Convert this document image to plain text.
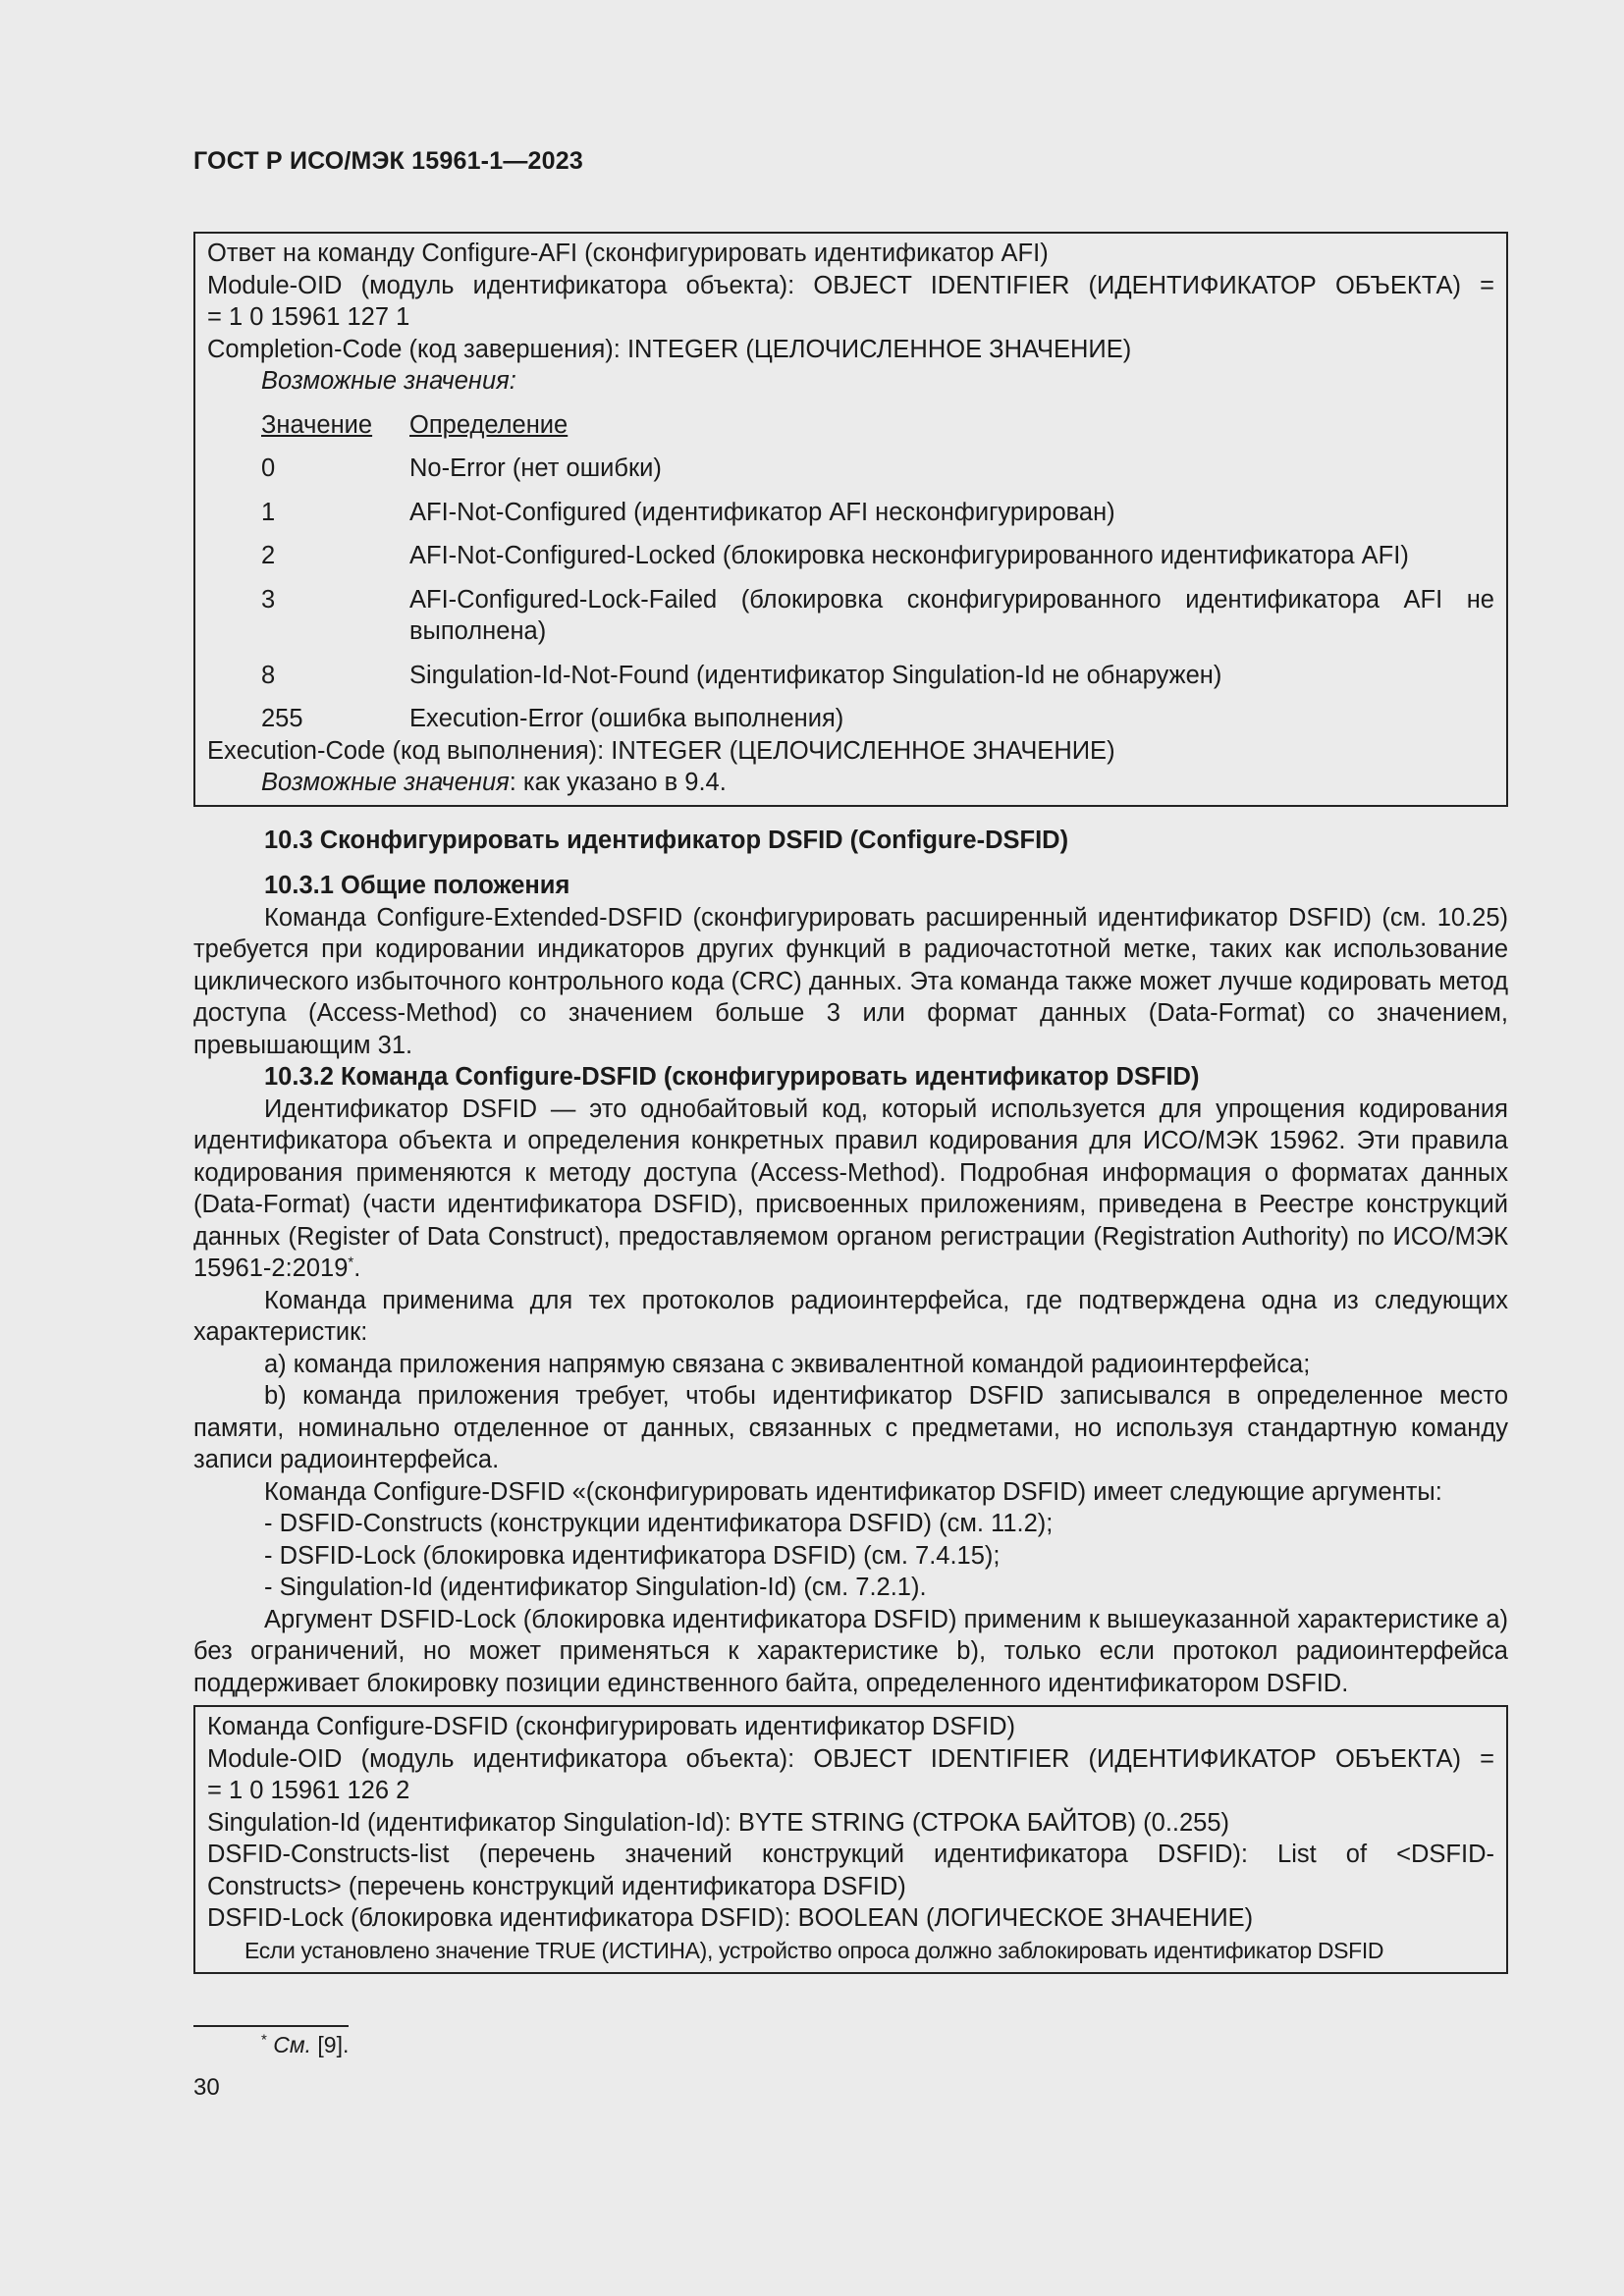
ГОСТ Р ИСО/МЭК 15961-1—2023

Ответ на команду Configure-AFI (сконфигурировать идентификатор AFI)

Module-OID (модуль идентификатора объекта): OBJECT IDENTIFIER (ИДЕНТИФИКАТОР ОБЪЕКТА) =

= 1 0 15961 127 1

Completion-Code (код завершения): INTEGER (ЦЕЛОЧИСЛЕННОЕ ЗНАЧЕНИЕ)

Возможные значения:

Значение	Определение
0	No-Error (нет ошибки)
1	AFI-Not-Configured (идентификатор AFI несконфигурирован)
2	AFI-Not-Configured-Locked (блокировка несконфигурированного идентификатора AFI)
3	AFI-Configured-Lock-Failed (блокировка сконфигурированного идентификатора AFI не выполнена)
8	Singulation-Id-Not-Found (идентификатор Singulation-Id не обнаружен)
255	Execution-Error (ошибка выполнения)

Execution-Code (код выполнения): INTEGER (ЦЕЛОЧИСЛЕННОЕ ЗНАЧЕНИЕ)

Возможные значения: как указано в 9.4.

10.3 Сконфигурировать идентификатор DSFID (Configure-DSFID)

10.3.1 Общие положения

Команда Configure-Extended-DSFID (сконфигурировать расширенный идентификатор DSFID) (см. 10.25) требуется при кодировании индикаторов других функций в радиочастотной метке, таких как использование циклического избыточного контрольного кода (CRC) данных. Эта команда также может лучше кодировать метод доступа (Access-Method) со значением больше 3 или формат данных (Data-Format) со значением, превышающим 31.

10.3.2 Команда Configure-DSFID (сконфигурировать идентификатор DSFID)

Идентификатор DSFID — это однобайтовый код, который используется для упрощения кодирования идентификатора объекта и определения конкретных правил кодирования для ИСО/МЭК 15962. Эти правила кодирования применяются к методу доступа (Access-Method). Подробная информация о форматах данных (Data-Format) (части идентификатора DSFID), присвоенных приложениям, приведена в Реестре конструкций данных (Register of Data Construct), предоставляемом органом регистрации (Registration Authority) по ИСО/МЭК 15961-2:2019*.

Команда применима для тех протоколов радиоинтерфейса, где подтверждена одна из следующих характеристик:

a) команда приложения напрямую связана с эквивалентной командой радиоинтерфейса;

b) команда приложения требует, чтобы идентификатор DSFID записывался в определенное место памяти, номинально отделенное от данных, связанных с предметами, но используя стандартную команду записи радиоинтерфейса.

Команда Configure-DSFID «(сконфигурировать идентификатор DSFID) имеет следующие аргументы:

- DSFID-Constructs (конструкции идентификатора DSFID) (см. 11.2);

- DSFID-Lock (блокировка идентификатора DSFID) (см. 7.4.15);

- Singulation-Id (идентификатор Singulation-Id) (см. 7.2.1).

Аргумент DSFID-Lock (блокировка идентификатора DSFID) применим к вышеуказанной характеристике a) без ограничений, но может применяться к характеристике b), только если протокол радиоинтерфейса поддерживает блокировку позиции единственного байта, определенного идентификатором DSFID.

Команда Configure-DSFID (сконфигурировать идентификатор DSFID)

Module-OID (модуль идентификатора объекта): OBJECT IDENTIFIER (ИДЕНТИФИКАТОР ОБЪЕКТА) =

= 1 0 15961 126 2

Singulation-Id (идентификатор Singulation-Id): BYTE STRING (СТРОКА БАЙТОВ) (0..255)

DSFID-Constructs-list (перечень значений конструкций идентификатора DSFID): List of <DSFID-

Constructs> (перечень конструкций идентификатора DSFID)

DSFID-Lock (блокировка идентификатора DSFID): BOOLEAN (ЛОГИЧЕСКОЕ ЗНАЧЕНИЕ)

Если установлено значение TRUE (ИСТИНА), устройство опроса должно заблокировать идентификатор DSFID

* См. [9].
30
